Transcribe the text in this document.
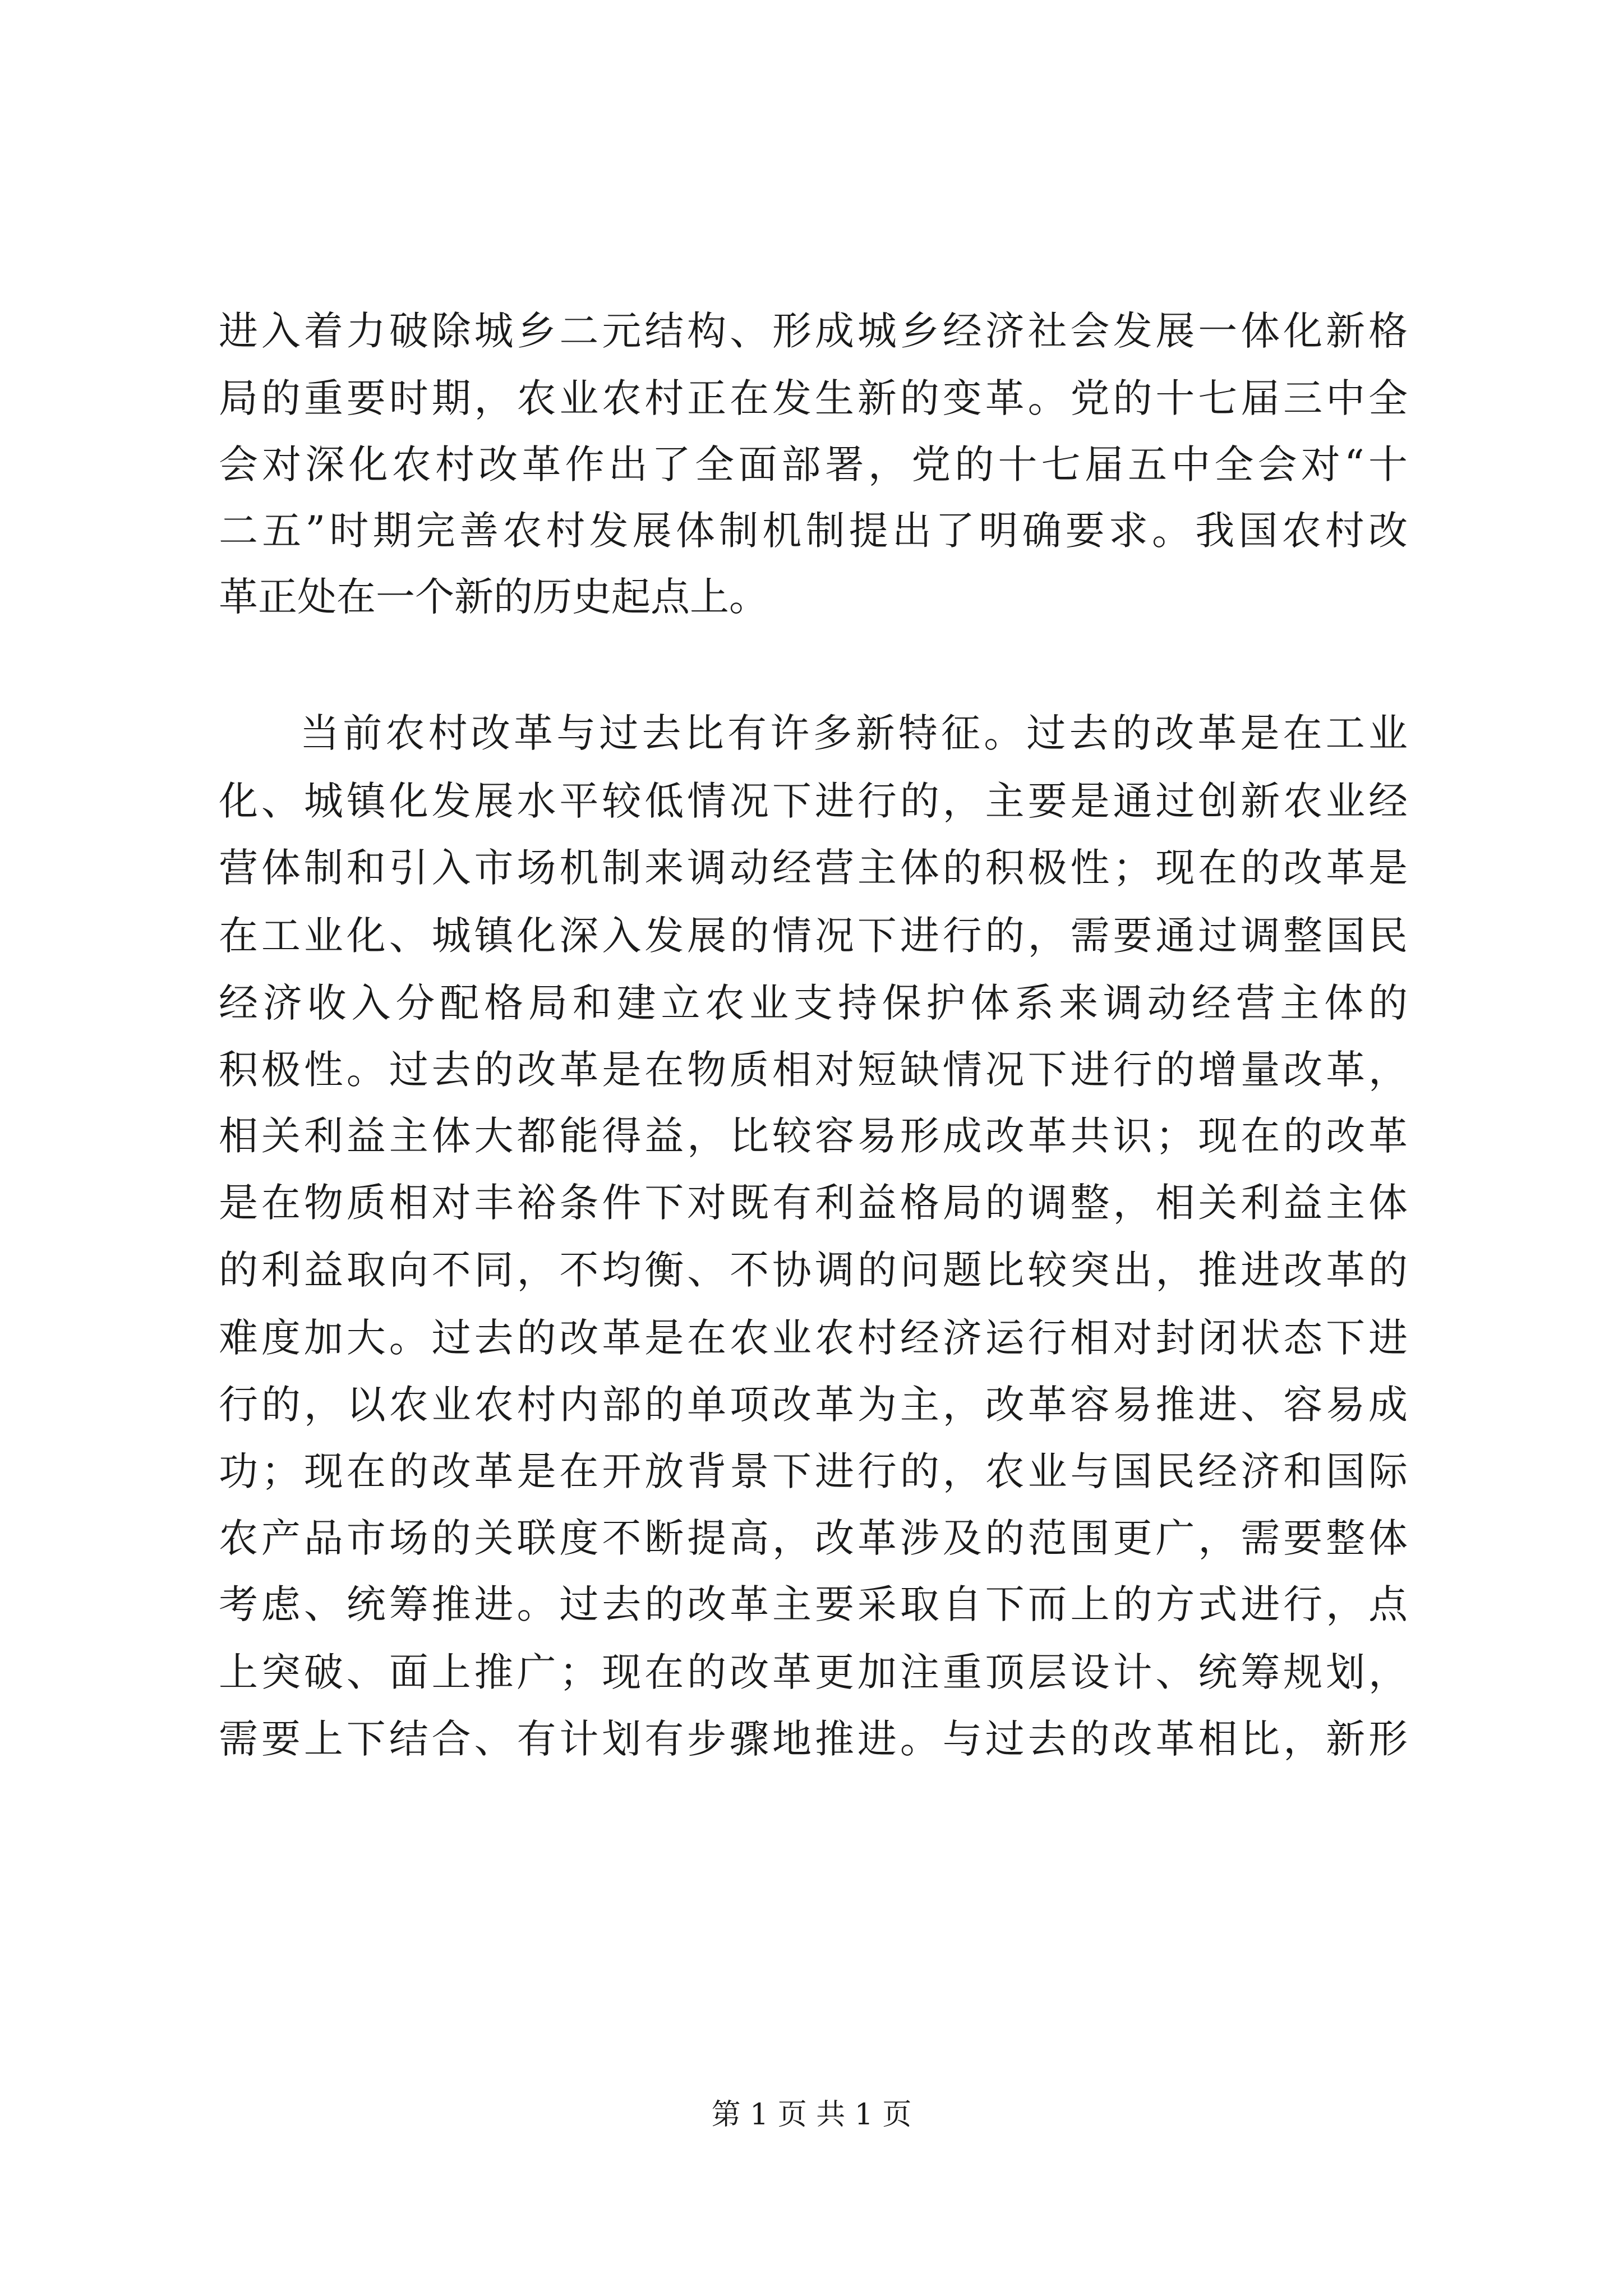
进入着力破除城乡二元结构、形成城乡经济社会发展一体化新格
局的重要时期，农业农村正在发生新的变革。党的十七届三中全
会对深化农村改革作出了全面部署，党的十七届五中全会对“十
二五”时期完善农村发展体制机制提出了明确要求。我国农村改
革正处在一个新的历史起点上。
当前农村改革与过去比有许多新特征。过去的改革是在工业
化、城镇化发展水平较低情况下进行的，主要是通过创新农业经
营体制和引入市场机制来调动经营主体的积极性；现在的改革是
在工业化、城镇化深入发展的情况下进行的，需要通过调整国民
经济收入分配格局和建立农业支持保护体系来调动经营主体的
积极性。过去的改革是在物质相对短缺情况下进行的增量改革，
相关利益主体大都能得益，比较容易形成改革共识；现在的改革
是在物质相对丰裕条件下对既有利益格局的调整，相关利益主体
的利益取向不同，不均衡、不协调的问题比较突出，推进改革的
难度加大。过去的改革是在农业农村经济运行相对封闭状态下进
行的，以农业农村内部的单项改革为主，改革容易推进、容易成
功；现在的改革是在开放背景下进行的，农业与国民经济和国际
农产品市场的关联度不断提高，改革涉及的范围更广，需要整体
考虑、统筹推进。过去的改革主要采取自下而上的方式进行，点
上突破、面上推广；现在的改革更加注重顶层设计、统筹规划，
需要上下结合、有计划有步骤地推进。与过去的改革相比，新形
第 1 页 共 1 页
